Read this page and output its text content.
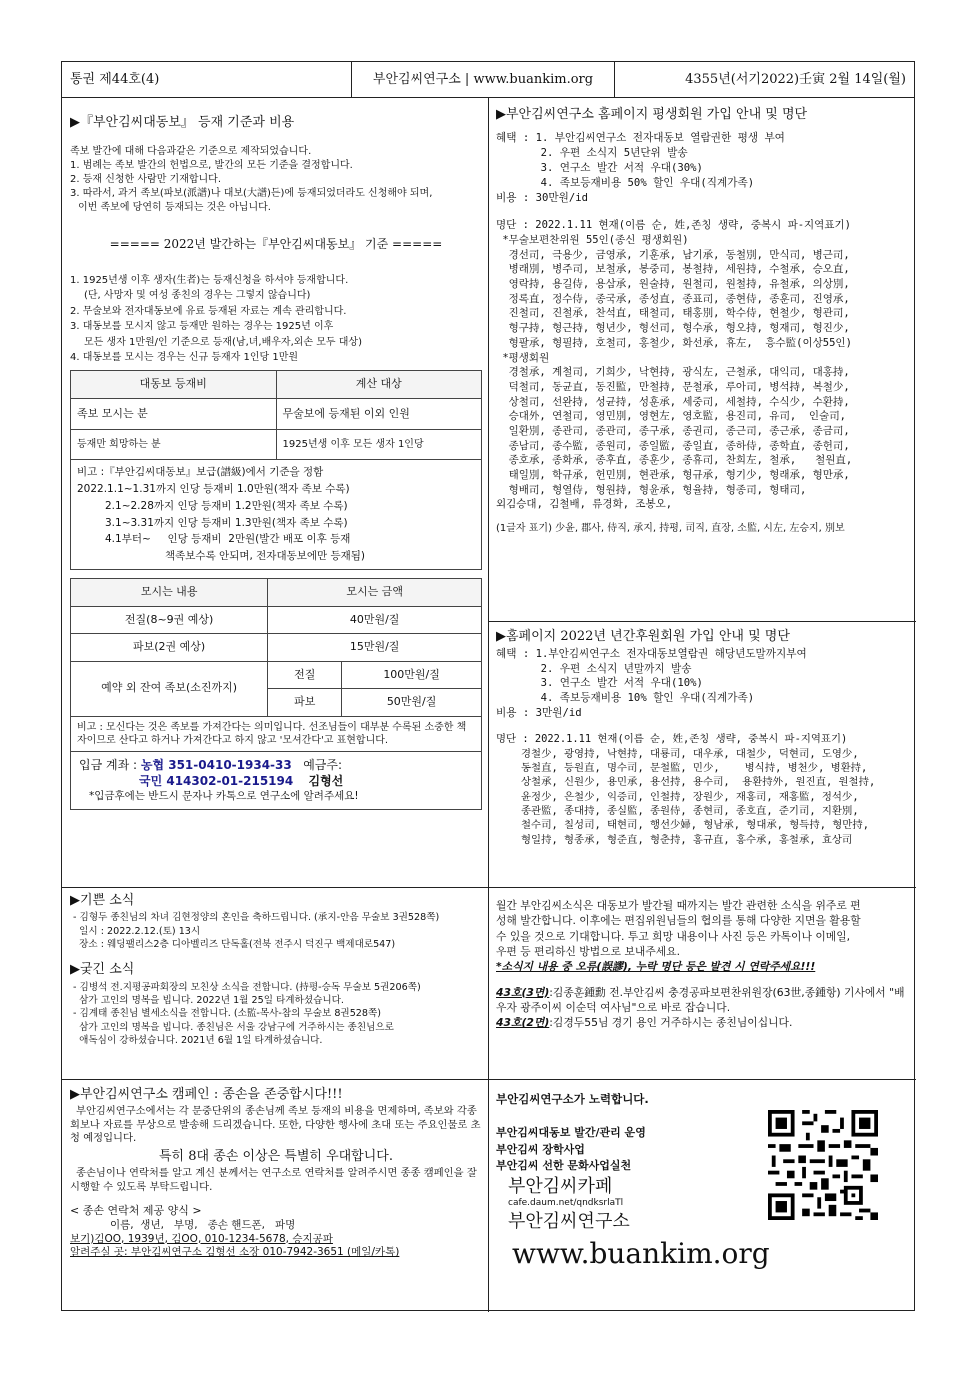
통권 제44호(4)	부안김씨연구소 | www.buankim.org	4355년(서기2022)壬寅 2월 14일(월)
▶『부안김씨대동보』 등재 기준과 비용
족보 발간에 대해 다음과같은 기준으로 제작되었습니다.
1. 범례는 족보 발간의 헌법으로, 발간의 모든 기준을 결정합니다.
2. 등재 신청한 사람만 기재합니다.
3. 따라서, 과거 족보(파보(派譜)나 대보(大譜)든)에 등재되었더라도 신청해야 되며,
이번 족보에 당연히 등재되는 것은 아닙니다.
===== 2022년 발간하는『부안김씨대동보』 기준 =====
1. 1925년생 이후 생자(生者)는 등재신청을 하셔야 등재합니다.
(단, 사망자 및 여성 종친의 경우는 그렇지 않습니다)
2. 무술보와 전자대동보에 유료 등재된 자료는 계속 관리합니다.
3. 대동보를 모시지 않고 등재만 원하는 경우는 1925년 이후
모든 생자 1만원/인 기준으로 등재(남,녀,배우자,외손 모두 대상)
4. 대동보를 모시는 경우는 신규 등재자 1인당 1만원
대동보 등재비	계산 대상
족보 모시는 분	무술보에 등재된 이외 인원
등재만 희망하는 분	1925년생 이후 모든 생자 1인당
비고 :『부안김씨대동보』보급(譜級)에서 기준을 정함
2022.1.1~1.31까지 인당 등재비 1.0만원(책자 족보 수록)
2.1~2.28까지 인당 등재비 1.2만원(책자 족보 수록)
3.1~3.31까지 인당 등재비 1.3만원(책자 족보 수록)
4.1부터~     인당 등재비  2만원(발간 배포 이후 등재
책족보수록 안되며, 전자대동보에만 등재됨)
모시는 내용	모시는 금액	
전질(8~9권 예상)	40만원/질	
파보(2권 예상)	15만원/질	
예약 외 잔여 족보(소진까지)	전질	100만원/질
	파보	50만원/질
비고 : 모신다는 것은 족보를 가져간다는 의미입니다. 선조님들이 대부분 수록된 소중한 책자이므로 산다고 하거나 가져간다고 하지 않고 '모셔간다'고 표현합니다.
입금 계좌 : 농협 351-0410-1934-33 예금주:
국민 414302-01-215194 김형선
*입금후에는 반드시 문자나 카톡으로 연구소에 알려주세요!
▶부안김씨연구소 홈페이지 평생회원 가입 안내 및 명단
혜택 : 1. 부안김씨연구소 전자대동보 열람권한 평생 부여
2. 우편 소식지 5년단위 발송
3. 연구소 발간 서적 우대(30%)
4. 족보등재비용 50% 할인 우대(직계가족)
비용 : 30만원/id
명단 : 2022.1.11 현재(이름 순, 姓,존칭 생략, 중복시 파-지역표기)
*무술보편찬위원 55인(종신 평생회원)
경선司, 극용少, 금영承, 기훈承, 남기承, 동철別, 만식司, 병근司,
병래別, 병주司, 보철承, 봉중司, 봉철持, 세원持, 수철承, 승오直,
영락持, 용길侍, 용삼承, 원술持, 원철司, 원철持, 유철承, 의상別,
정록直, 정수侍, 종국承, 종성直, 종표司, 종현侍, 종훈司, 진영承,
진철司, 진철承, 찬석直, 태철司, 태홍別, 학수侍, 현철少, 형관司,
형구持, 형근持, 형년少, 형선司, 형수承, 형오持, 형재司, 형진少,
형팔承, 형필持, 호철司, 홍철少, 화선承, 휴左,  흥수監(이상55인)
*평생회원
경철承, 계철司, 기희少, 낙현持, 광식左, 근철承, 대익司, 대홍持,
덕철司, 동균直, 동진監, 만철持, 문철承, 루아司, 병석持, 복철少,
상철司, 선완持, 성균持, 성훈承, 세중司, 세철持, 수식少, 수환持,
승대外, 연철司, 영민別, 영현左, 영호監, 용진司, 유司,  인술司,
일환別, 종관司, 종관司, 종구承, 종권司, 종근司, 종근承, 종금司,
종남司, 종수監, 종원司, 종일監, 종일直, 종하侍, 종학直, 종헌司,
종호承, 종화承, 종후直, 종훈少, 종휴司, 찬희左, 철承,   철원直,
태일別, 학규承, 헌민別, 현관承, 형규承, 형기少, 형래承, 형만承,
형배司, 형열侍, 형원持, 형윤承, 형율持, 형종司, 형태司,
외김승대, 김철배, 류경화, 조봉오,
(1글자 표기) 少윤, 郡사, 侍직, 承지, 持평, 司직, 直장, 소監, 시左, 左승지, 別보
▶홈페이지 2022년 년간후원회원 가입 안내 및 명단
혜택 : 1.부안김씨연구소 전자대동보열람권 해당년도말까지부여
2. 우편 소식지 년말까지 발송
3. 연구소 발간 서적 우대(10%)
4. 족보등재비용 10% 할인 우대(직계가족)
비용 : 3만원/id
명단 : 2022.1.11 현재(이름 순, 姓,존칭 생략, 중복시 파-지역표기)
경철少, 광영持, 낙현持, 대룡司, 대우承, 대철少, 덕현司, 도영少,
동철直, 등원直, 명수司, 문철監, 민少,    병식持, 병천少, 병환持,
상철承, 신원少, 용민承, 용선持, 용수司,  용환持外, 원진直, 원철持,
윤정少, 은철少, 익증司, 인철持, 장원少, 재홍司, 재홍監, 정석少,
종관監, 종대持, 종실監, 종원侍, 종현司, 종호直, 준기司, 지환別,
철수司, 칠성司, 태현司, 행선少婦, 형남承, 형대承, 형득持, 형만持,
형일持, 형종承, 형준直, 형춘持, 홍규直, 홍수承, 홍철承, 효상司
▶기쁜 소식
- 김형두 종친님의 차녀 김현정양의 혼인을 축하드립니다. (承지-안음 무술보 3권528쪽)
일시 : 2022.2.12.(토) 13시
장소 : 웨딩팰리스2층 디아벨리즈 단독홀(전북 전주시 덕진구 백제대로547)
▶궂긴 소식
- 김병석 전.지평공파회장의 모친상 소식을 전합니다. (持평-승독 무술보 5권206쪽)
삼가 고인의 명복을 빕니다. 2022년 1월 25일 타계하셨습니다.
- 김계태 종친님 별세소식을 전합니다. (소監-목사-참의 무술보 8권528쪽)
삼가 고인의 명복을 빕니다. 종친님은 서울 강남구에 거주하시는 종친님으로
애독심이 강하셨습니다. 2021년 6월 1일 타계하셨습니다.
월간 부안김씨소식은 대동보가 발간될 때까지는 발간 관련한 소식을 위주로 편
성해 발간합니다. 이후에는 편집위원님들의 협의를 통해 다양한 지면을 활용할
수 있을 것으로 기대합니다. 투고 희망 내용이나 사진 등은 카톡이나 이메일,
우편 등 편리하신 방법으로 보내주세요.
*소식지 내용 중 오류(誤謬), 누락 명단 등은 발견 시 연락주세요!!!
43호(3면):김종훈鍾勳 전.부안김씨 충경공파보편찬위원장(63世,종鍾항) 기사에서 "배우자 광주이씨 이순덕 여사님"으로 바로 잡습니다.
43호(2면):김경두55님 경기 용인 거주하시는 종친님이십니다.
▶부안김씨연구소 캠페인 : 종손을 존중합시다!!!
부안김씨연구소에서는 각 문중단위의 종손님께 족보 등재의 비용을 면제하며, 족보와 각종 회보나 자료를 무상으로 발송해 드리겠습니다. 또한, 다양한 행사에 초대 또는 주요인물로 초청 예정입니다.
특히 8대 종손 이상은 특별히 우대합니다.
종손님이나 연락처를 알고 계신 분께서는 연구소로 연락처를 알려주시면 종종 캠페인을 잘 시행할 수 있도록 부탁드립니다.
< 종손 연락처 제공 양식 >
이름,  생년,   부명,   종손 핸드폰,   파명
보기)김OO, 1939년, 김OO, 010-1234-5678, 승지공파
알려주실 곳: 부안김씨연구소 김형선 소장 010-7942-3651 (메일/카톡)
부안김씨연구소가 노력합니다.
부안김씨대동보 발간/관리 운영
부안김씨 장학사업
부안김씨 선한 문화사업실천
부안김씨카페
cafe.daum.net/qndksrlaTl
부안김씨연구소
www.buankim.org
